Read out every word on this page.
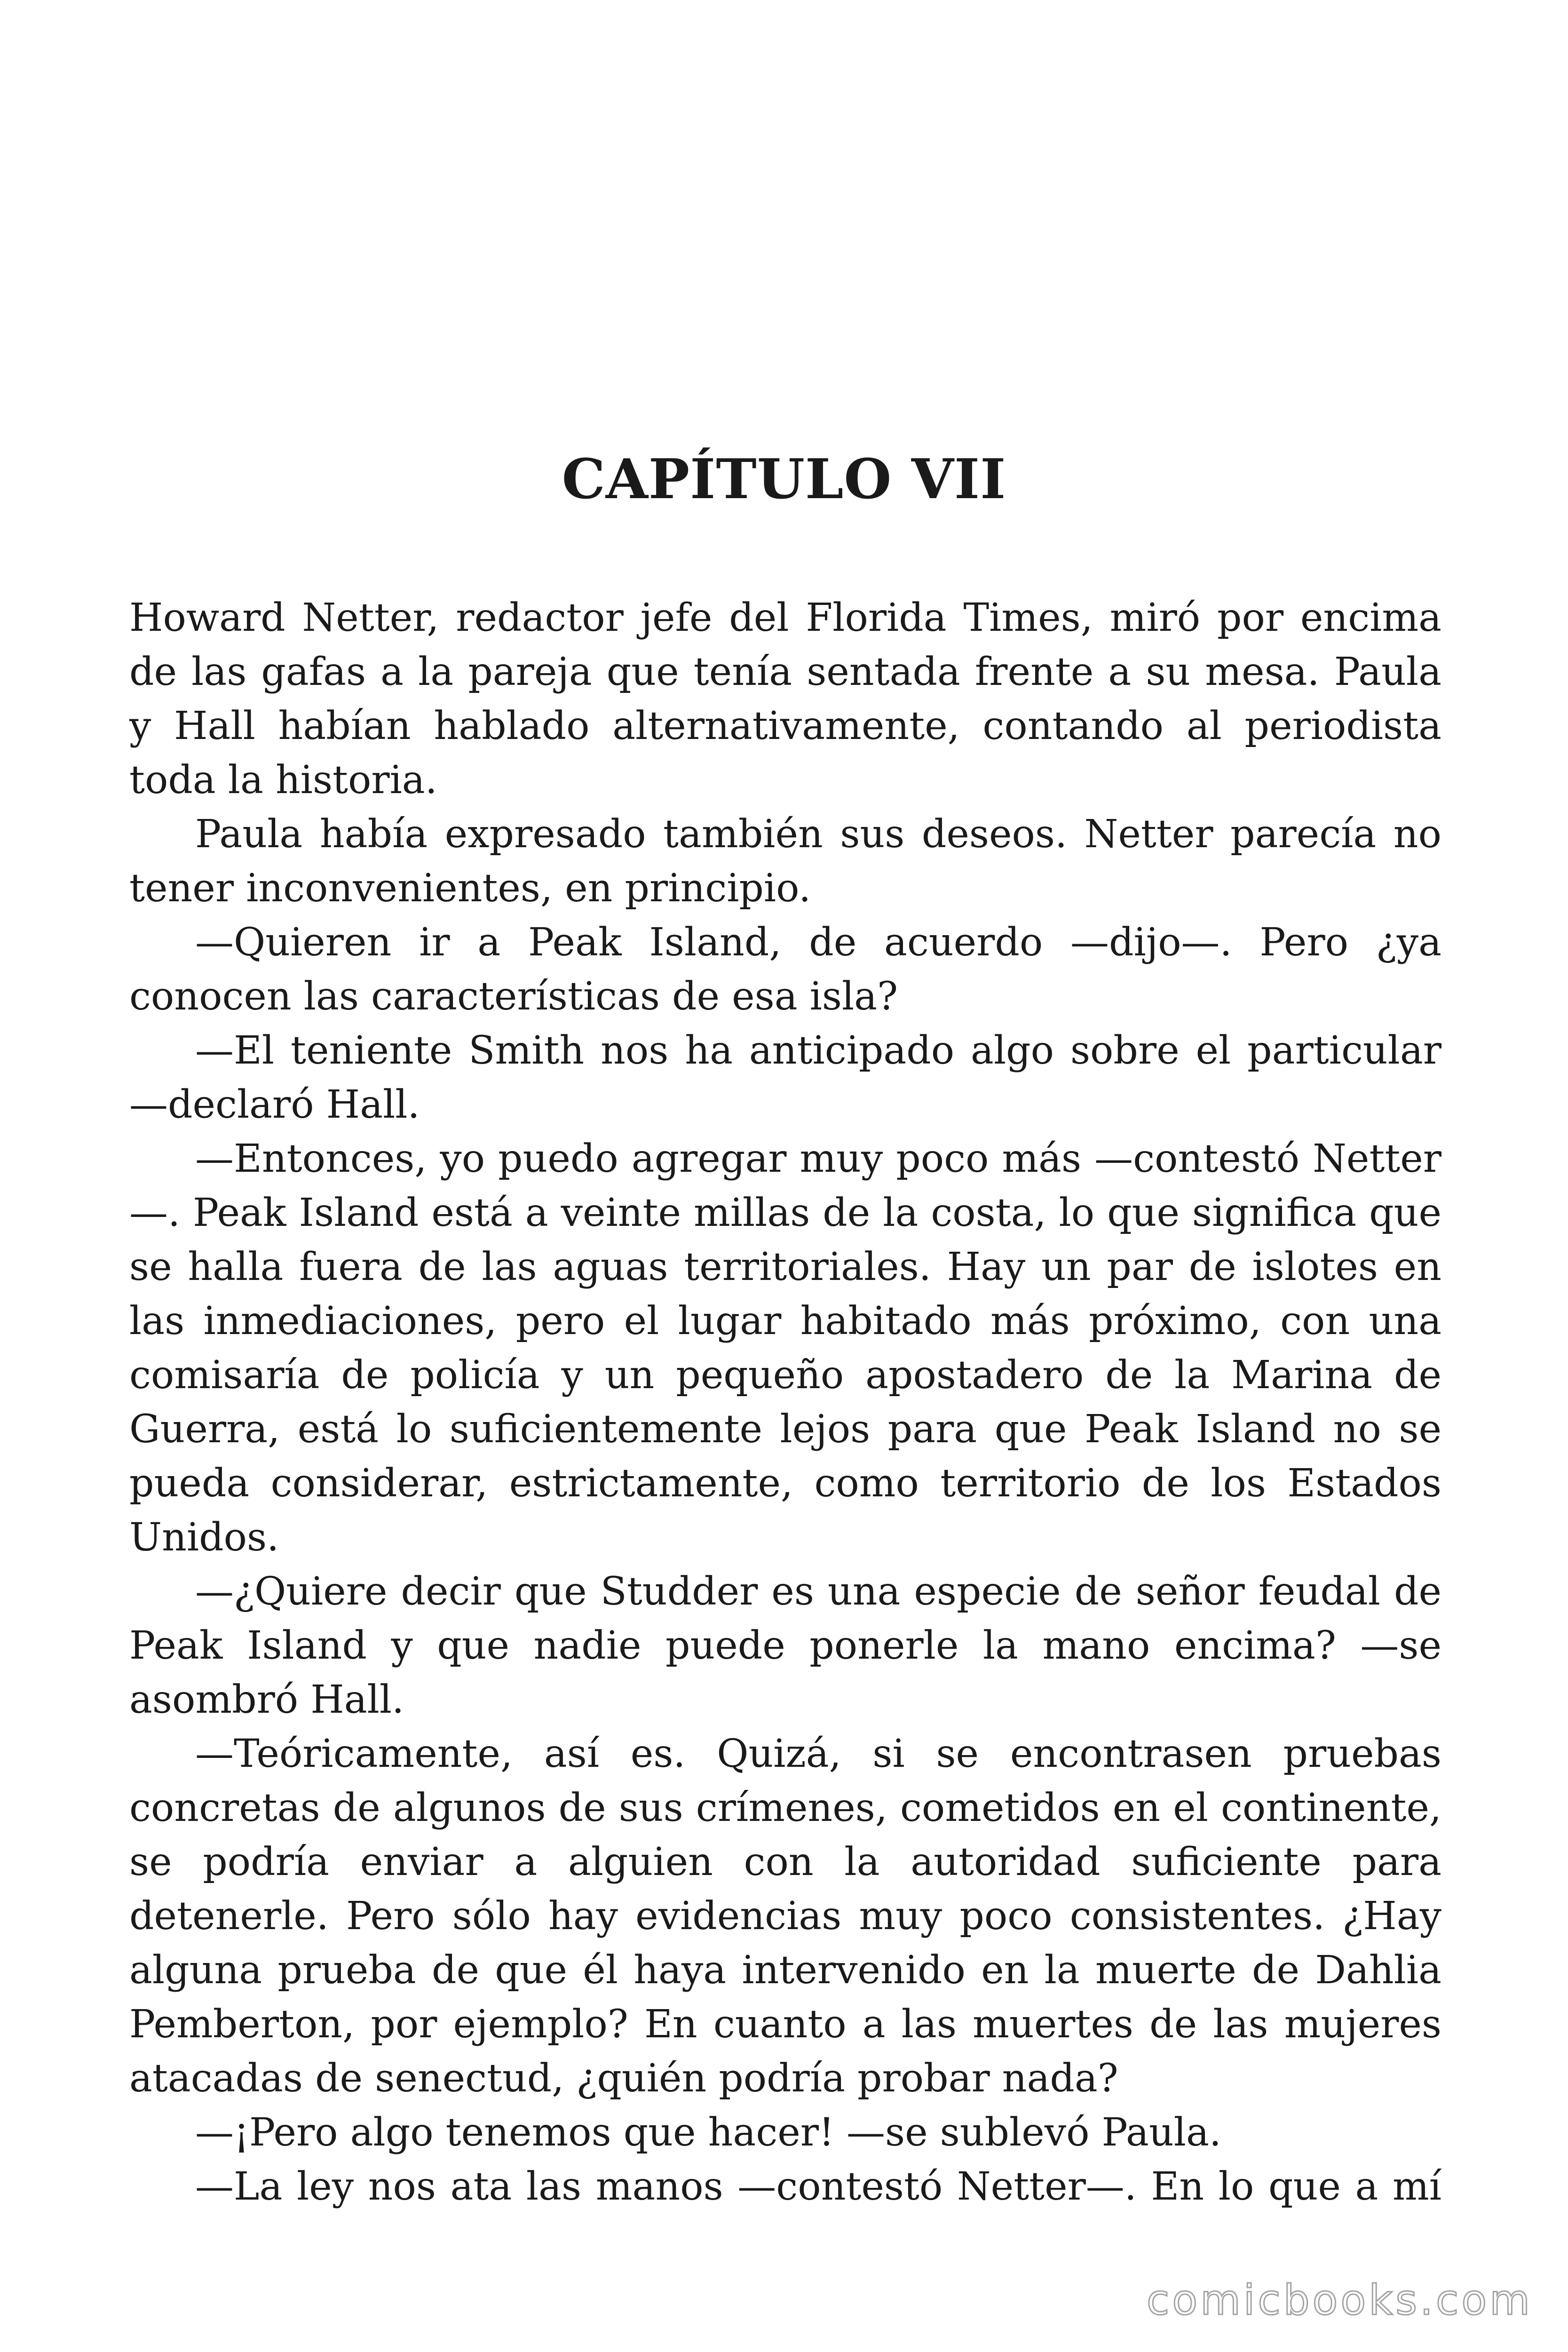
CAPÍTULO VII

Howard Netter, redactor jefe del Florida Times, miró por encima de las gafas a la pareja que tenía sentada frente a su mesa. Paula y Hall habían hablado alternativamente, contando al periodista toda la historia.

Paula había expresado también sus deseos. Netter parecía no tener inconvenientes, en principio.

—Quieren ir a Peak Island, de acuerdo —dijo—. Pero ¿ya conocen las características de esa isla?

—El teniente Smith nos ha anticipado algo sobre el particular —declaró Hall.

—Entonces, yo puedo agregar muy poco más —contestó Netter—. Peak Island está a veinte millas de la costa, lo que significa que se halla fuera de las aguas territoriales. Hay un par de islotes en las inmediaciones, pero el lugar habitado más próximo, con una comisaría de policía y un pequeño apostadero de la Marina de Guerra, está lo suficientemente lejos para que Peak Island no se pueda considerar, estrictamente, como territorio de los Estados Unidos.

—¿Quiere decir que Studder es una especie de señor feudal de Peak Island y que nadie puede ponerle la mano encima? —se asombró Hall.

—Teóricamente, así es. Quizá, si se encontrasen pruebas concretas de algunos de sus crímenes, cometidos en el continente, se podría enviar a alguien con la autoridad suficiente para detenerle. Pero sólo hay evidencias muy poco consistentes. ¿Hay alguna prueba de que él haya intervenido en la muerte de Dahlia Pemberton, por ejemplo? En cuanto a las muertes de las mujeres atacadas de senectud, ¿quién podría probar nada?

—¡Pero algo tenemos que hacer! —se sublevó Paula.

—La ley nos ata las manos —contestó Netter—. En lo que a mí

comicbooks.com
